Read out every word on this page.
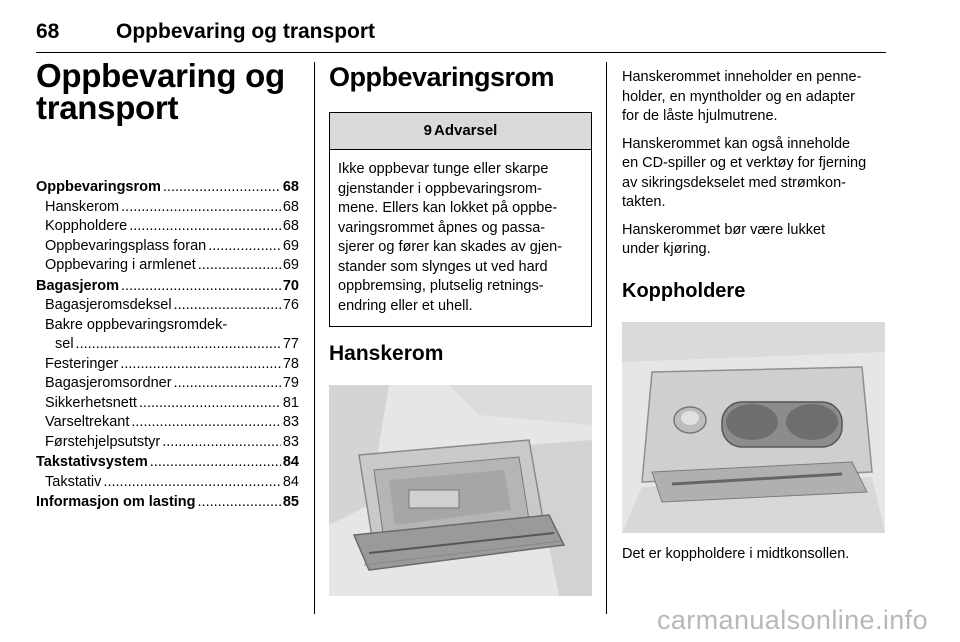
68	Oppbevaring og transport
Oppbevaring og
transport
Oppbevaringsrom .....	68
Hanskerom .....	68
Koppholdere .....	68
Oppbevaringsplass foran .....	69
Oppbevaring i armlenet .....	69
Bagasjerom .....	70
Bagasjeromsdeksel .....	76
Bakre oppbevaringsromdek-
sel .....	77
Festeringer .....	78
Bagasjeromsordner .....	79
Sikkerhetsnett .....	81
Varseltrekant .....	83
Førstehjelpsutstyr .....	83
Takstativsystem .....	84
Takstativ .....	84
Informasjon om lasting .....	85
Oppbevaringsrom
9 Advarsel
Ikke oppbevar tunge eller skarpe
gjenstander i oppbevaringsrom-
mene. Ellers kan lokket på oppbe-
varingsrommet åpnes og passa-
sjerer og fører kan skades av gjen-
stander som slynges ut ved hard
oppbremsing, plutselig retnings-
endring eller et uhell.
Hanskerom

Hanskerommet inneholder en penne-
holder, en myntholder og en adapter
for de låste hjulmutrene.

Hanskerommet kan også inneholde
en CD-spiller og et verktøy for fjerning
av sikringsdekselet med strømkon-
takten.

Hanskerommet bør være lukket
under kjøring.

Koppholdere

Det er koppholdere i midtkonsollen.

carmanualsonline.info
